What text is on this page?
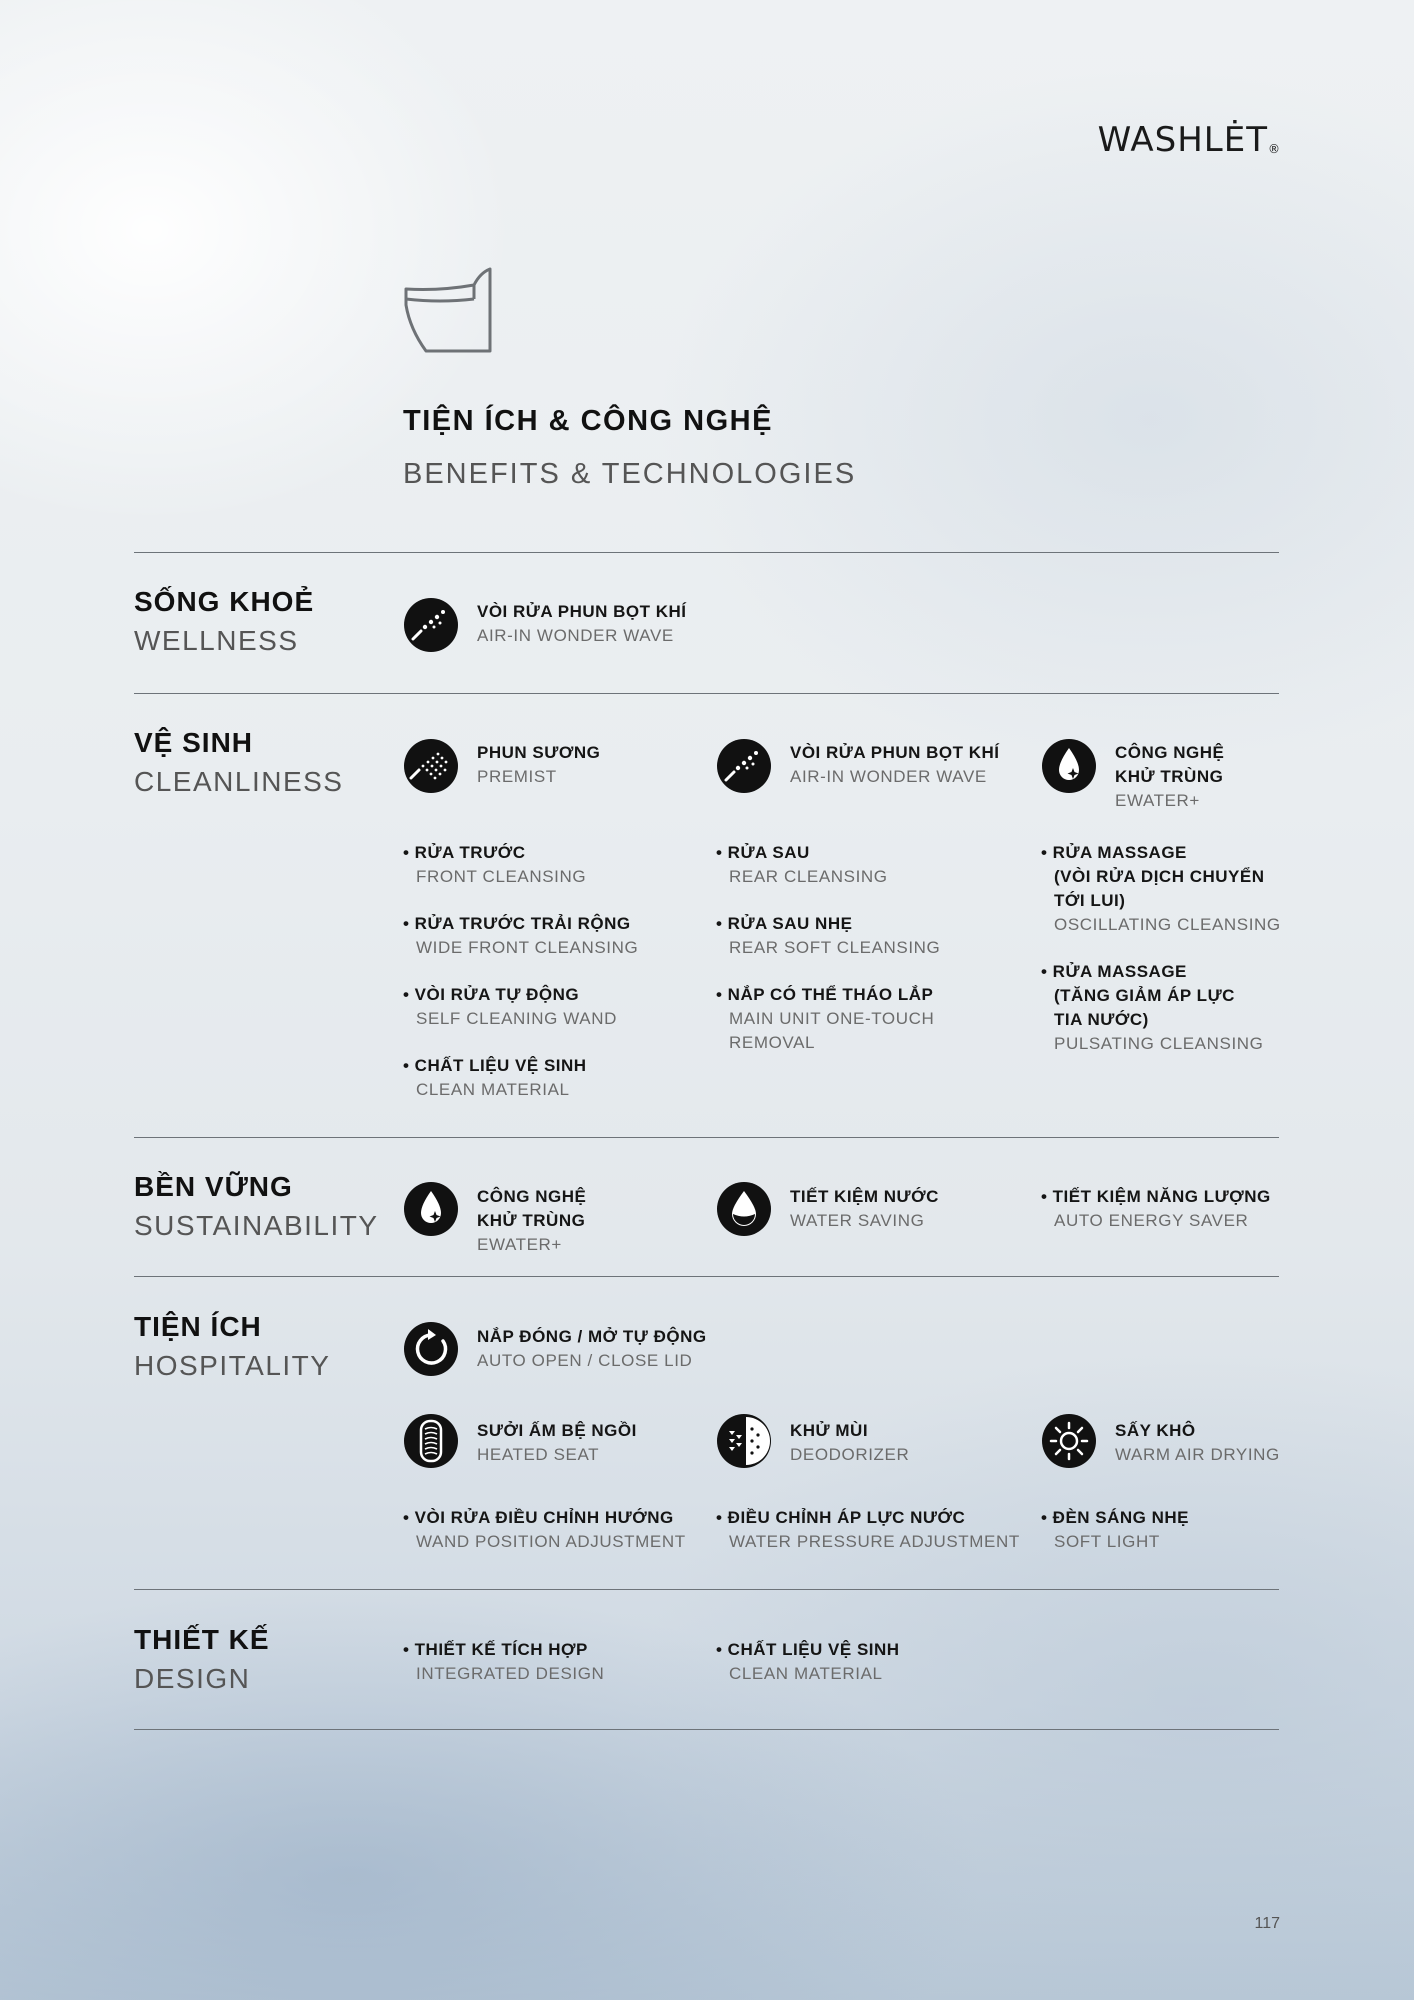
WASHLĖT®
TIỆN ÍCH & CÔNG NGHỆ
BENEFITS & TECHNOLOGIES
SỐNG KHOẺ
WELLNESS
VÒI RỬA PHUN BỌT KHÍ
AIR-IN WONDER WAVE
VỆ SINH
CLEANLINESS
PHUN SƯƠNG
PREMIST
VÒI RỬA PHUN BỌT KHÍ
AIR-IN WONDER WAVE
CÔNG NGHỆ
KHỬ TRÙNG
EWATER+
• RỬA TRƯỚC
FRONT CLEANSING
• RỬA TRƯỚC TRẢI RỘNG
WIDE FRONT CLEANSING
• VÒI RỬA TỰ ĐỘNG
SELF CLEANING WAND
• CHẤT LIỆU VỆ SINH
CLEAN MATERIAL
• RỬA SAU
REAR CLEANSING
• RỬA SAU NHẸ
REAR SOFT CLEANSING
• NẮP CÓ THỂ THÁO LẮP
MAIN UNIT ONE-TOUCH
REMOVAL
• RỬA MASSAGE
(VÒI RỬA DỊCH CHUYỂN
TỚI LUI)
OSCILLATING CLEANSING
• RỬA MASSAGE
(TĂNG GIẢM ÁP LỰC
TIA NƯỚC)
PULSATING CLEANSING
BỀN VỮNG
SUSTAINABILITY
CÔNG NGHỆ
KHỬ TRÙNG
EWATER+
TIẾT KIỆM NƯỚC
WATER SAVING
• TIẾT KIỆM NĂNG LƯỢNG
AUTO ENERGY SAVER
TIỆN ÍCH
HOSPITALITY
NẮP ĐÓNG / MỞ TỰ ĐỘNG
AUTO OPEN / CLOSE LID
SƯỞI ẤM BỆ NGỒI
HEATED SEAT
KHỬ MÙI
DEODORIZER
SẤY KHÔ
WARM AIR DRYING
• VÒI RỬA ĐIỀU CHỈNH HƯỚNG
WAND POSITION ADJUSTMENT
• ĐIỀU CHỈNH ÁP LỰC NƯỚC
WATER PRESSURE ADJUSTMENT
• ĐÈN SÁNG NHẸ
SOFT LIGHT
THIẾT KẾ
DESIGN
• THIẾT KẾ TÍCH HỢP
INTEGRATED DESIGN
• CHẤT LIỆU VỆ SINH
CLEAN MATERIAL
117
